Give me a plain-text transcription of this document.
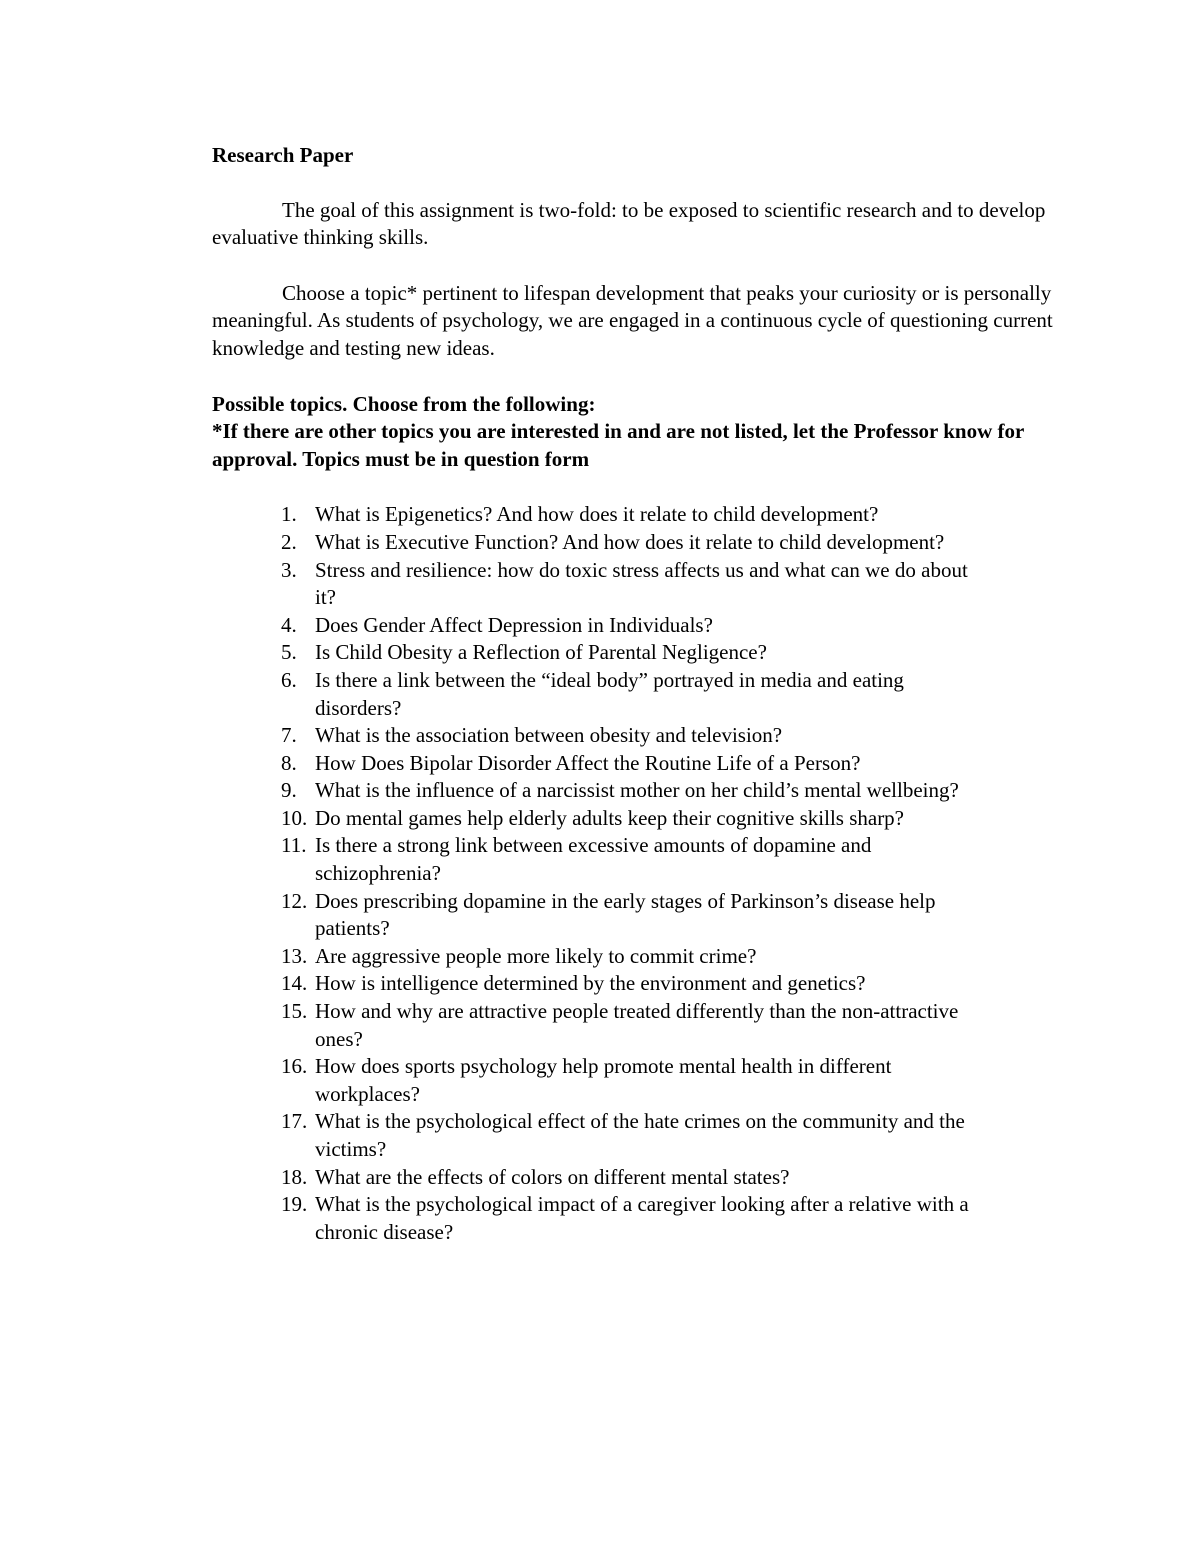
Research Paper

The goal of this assignment is two-fold: to be exposed to scientific research and to develop evaluative thinking skills.

Choose a topic* pertinent to lifespan development that peaks your curiosity or is personally meaningful. As students of psychology, we are engaged in a continuous cycle of questioning current knowledge and testing new ideas.

Possible topics. Choose from the following:

*If there are other topics you are interested in and are not listed, let the Professor know for approval. Topics must be in question form

1. What is Epigenetics? And how does it relate to child development?
2. What is Executive Function? And how does it relate to child development?
3. Stress and resilience: how do toxic stress affects us and what can we do about it?
4. Does Gender Affect Depression in Individuals?
5. Is Child Obesity a Reflection of Parental Negligence?
6. Is there a link between the “ideal body” portrayed in media and eating disorders?
7. What is the association between obesity and television?
8. How Does Bipolar Disorder Affect the Routine Life of a Person?
9. What is the influence of a narcissist mother on her child’s mental wellbeing?
10. Do mental games help elderly adults keep their cognitive skills sharp?
11. Is there a strong link between excessive amounts of dopamine and schizophrenia?
12. Does prescribing dopamine in the early stages of Parkinson’s disease help patients?
13. Are aggressive people more likely to commit crime?
14. How is intelligence determined by the environment and genetics?
15. How and why are attractive people treated differently than the non-attractive ones?
16. How does sports psychology help promote mental health in different workplaces?
17. What is the psychological effect of the hate crimes on the community and the victims?
18. What are the effects of colors on different mental states?
19. What is the psychological impact of a caregiver looking after a relative with a chronic disease?
